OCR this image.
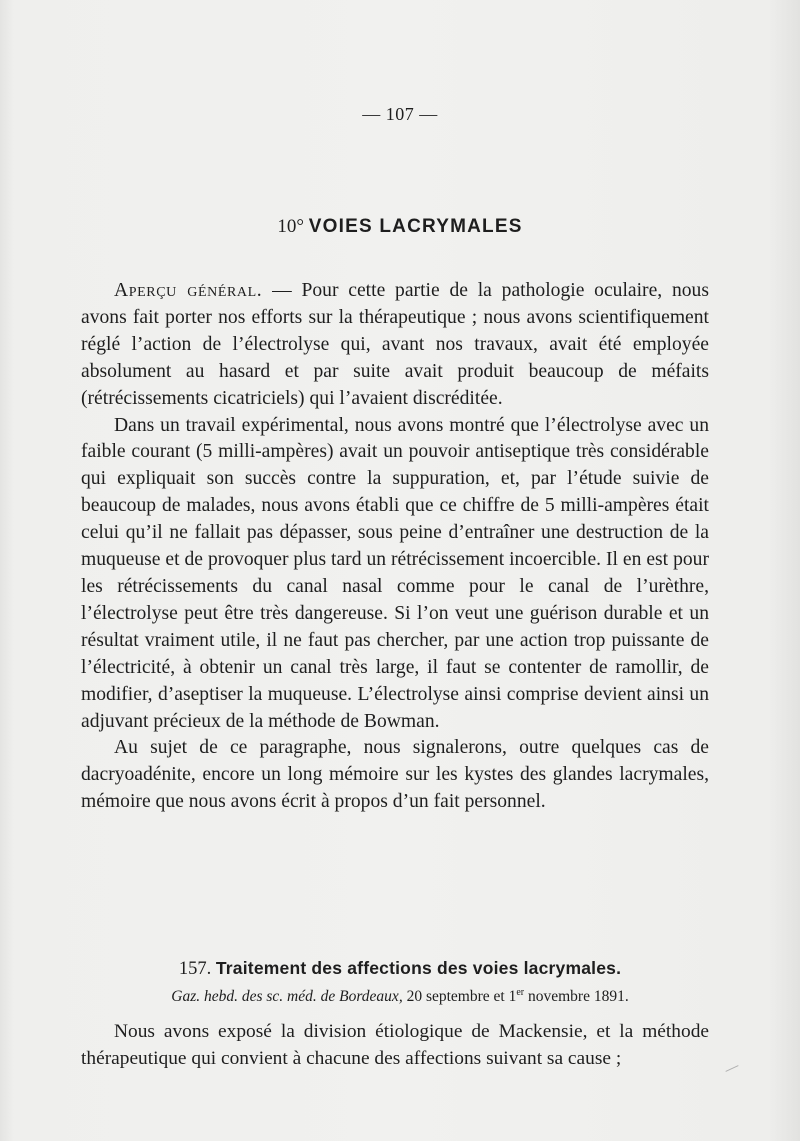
— 107 —
10° VOIES LACRYMALES

Aperçu général. — Pour cette partie de la pathologie oculaire, nous avons fait porter nos efforts sur la thérapeutique ; nous avons scientifiquement réglé l’action de l’électrolyse qui, avant nos travaux, avait été employée absolument au hasard et par suite avait produit beaucoup de méfaits (rétrécissements cicatriciels) qui l’avaient discréditée.

Dans un travail expérimental, nous avons montré que l’électrolyse avec un faible courant (5 milli-ampères) avait un pouvoir antiseptique très considérable qui expliquait son succès contre la suppuration, et, par l’étude suivie de beaucoup de malades, nous avons établi que ce chiffre de 5 milli-ampères était celui qu’il ne fallait pas dépasser, sous peine d’entraîner une destruction de la muqueuse et de provoquer plus tard un rétrécissement incoercible. Il en est pour les rétrécissements du canal nasal comme pour le canal de l’urèthre, l’électrolyse peut être très dangereuse. Si l’on veut une guérison durable et un résultat vraiment utile, il ne faut pas chercher, par une action trop puissante de l’électricité, à obtenir un canal très large, il faut se contenter de ramollir, de modifier, d’aseptiser la muqueuse. L’électrolyse ainsi comprise devient ainsi un adjuvant précieux de la méthode de Bowman.

Au sujet de ce paragraphe, nous signalerons, outre quelques cas de dacryoadénite, encore un long mémoire sur les kystes des glandes lacrymales, mémoire que nous avons écrit à propos d’un fait personnel.

157. Traitement des affections des voies lacrymales.
Gaz. hebd. des sc. méd. de Bordeaux, 20 septembre et 1er novembre 1891.

Nous avons exposé la division étiologique de Mackensie, et la méthode thérapeutique qui convient à chacune des affections suivant sa cause ;
